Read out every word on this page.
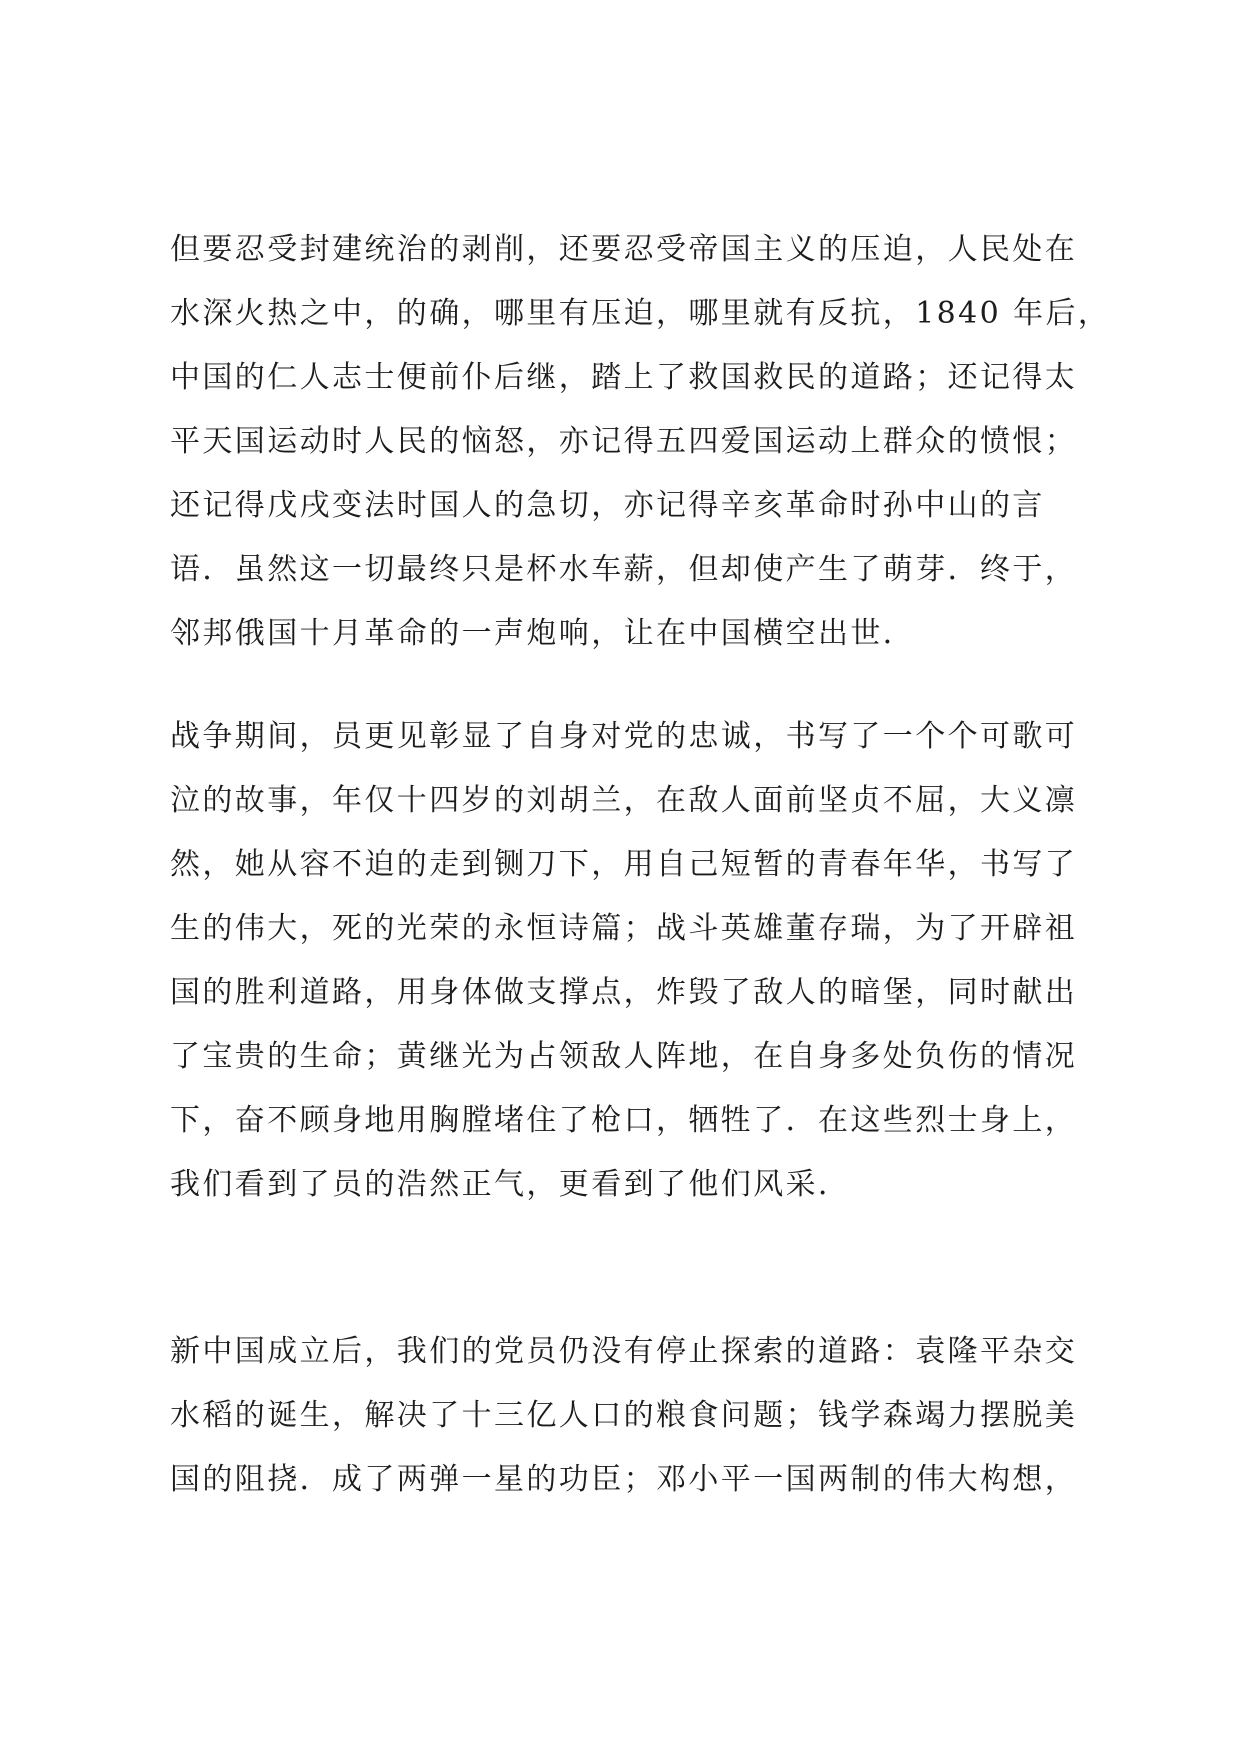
但要忍受封建统治的剥削，还要忍受帝国主义的压迫，人民处在
水深火热之中，的确，哪里有压迫，哪里就有反抗，1840 年后，
中国的仁人志士便前仆后继，踏上了救国救民的道路；还记得太
平天国运动时人民的恼怒，亦记得五四爱国运动上群众的愤恨；
还记得戊戌变法时国人的急切，亦记得辛亥革命时孙中山的言
语．虽然这一切最终只是杯水车薪，但却使产生了萌芽．终于，
邻邦俄国十月革命的一声炮响，让在中国横空出世．
战争期间，员更见彰显了自身对党的忠诚，书写了一个个可歌可
泣的故事，年仅十四岁的刘胡兰，在敌人面前坚贞不屈，大义凛
然，她从容不迫的走到铡刀下，用自己短暂的青春年华，书写了
生的伟大，死的光荣的永恒诗篇；战斗英雄董存瑞，为了开辟祖
国的胜利道路，用身体做支撑点，炸毁了敌人的暗堡，同时献出
了宝贵的生命；黄继光为占领敌人阵地，在自身多处负伤的情况
下，奋不顾身地用胸膛堵住了枪口，牺牲了．在这些烈士身上，
我们看到了员的浩然正气，更看到了他们风采．
新中国成立后，我们的党员仍没有停止探索的道路：袁隆平杂交
水稻的诞生，解决了十三亿人口的粮食问题；钱学森竭力摆脱美
国的阻挠．成了两弹一星的功臣；邓小平一国两制的伟大构想，
